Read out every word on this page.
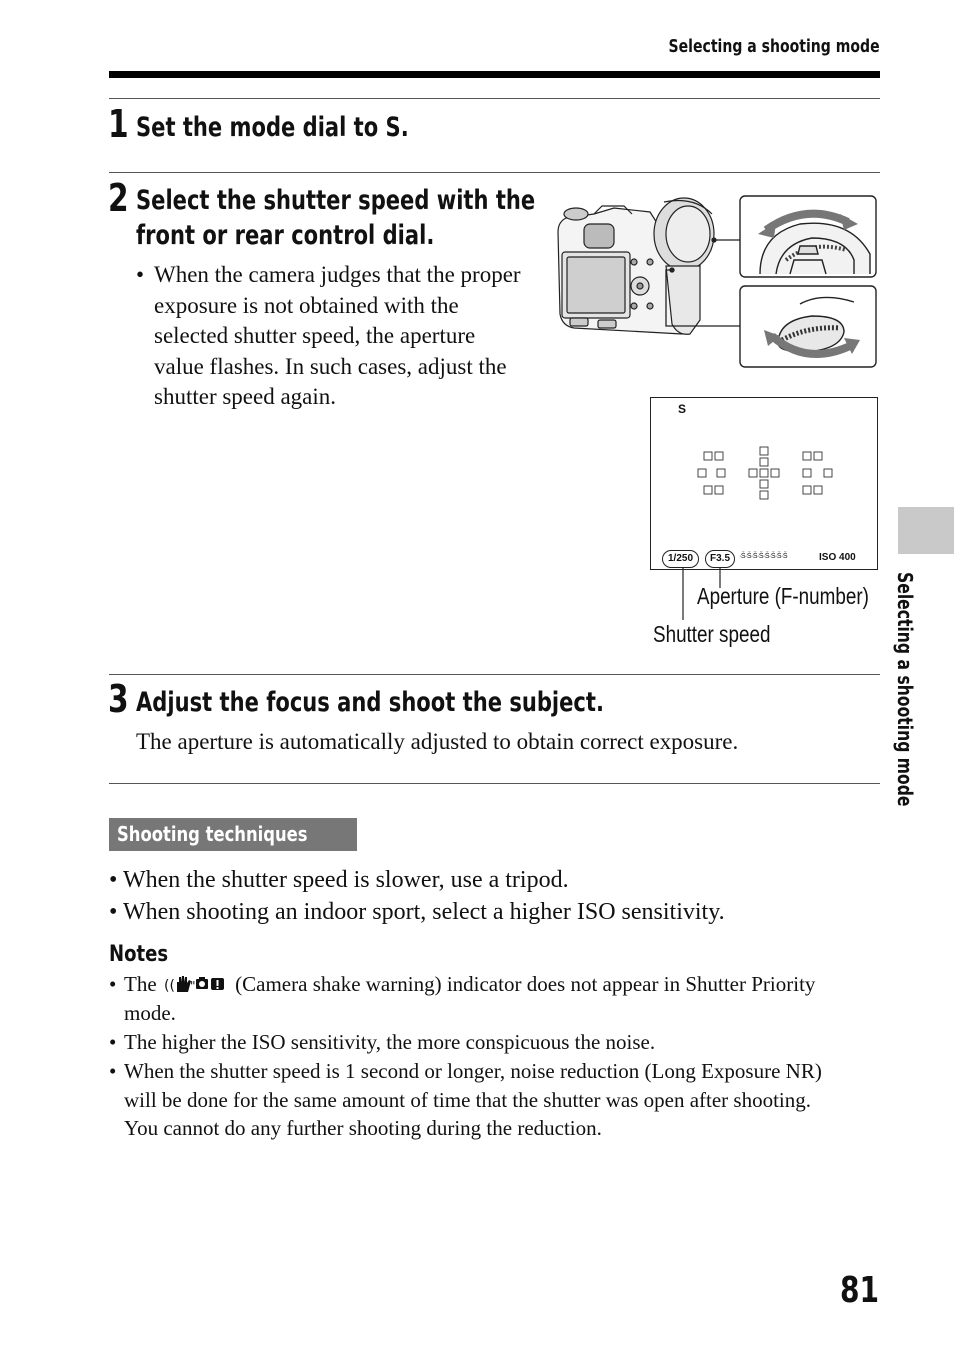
Selecting a shooting mode
1 Set the mode dial to S.
2 Select the shutter speed with the
front or rear control dial.
• When the camera judges that the proper
exposure is not obtained with the
selected shutter speed, the aperture
value flashes. In such cases, adjust the
shutter speed again.	S
1/250	F3.5	·Š·Š·Š·Š·Š·Š·Š·Š	ISO 400
Aperture (F-number)
Shutter speed
3 Adjust the focus and shoot the subject.
The aperture is automatically adjusted to obtain correct exposure.	Selecting a shooting mode
Shooting techniques
• When the shutter speed is slower, use a tripod.
• When shooting an indoor sport, select a higher ISO sensitivity.
Notes
• The (( " (Camera shake warning) indicator does not appear in Shutter Priority
mode.
• The higher the ISO sensitivity, the more conspicuous the noise.
• When the shutter speed is 1 second or longer, noise reduction (Long Exposure NR)
will be done for the same amount of time that the shutter was open after shooting.
You cannot do any further shooting during the reduction.
81
